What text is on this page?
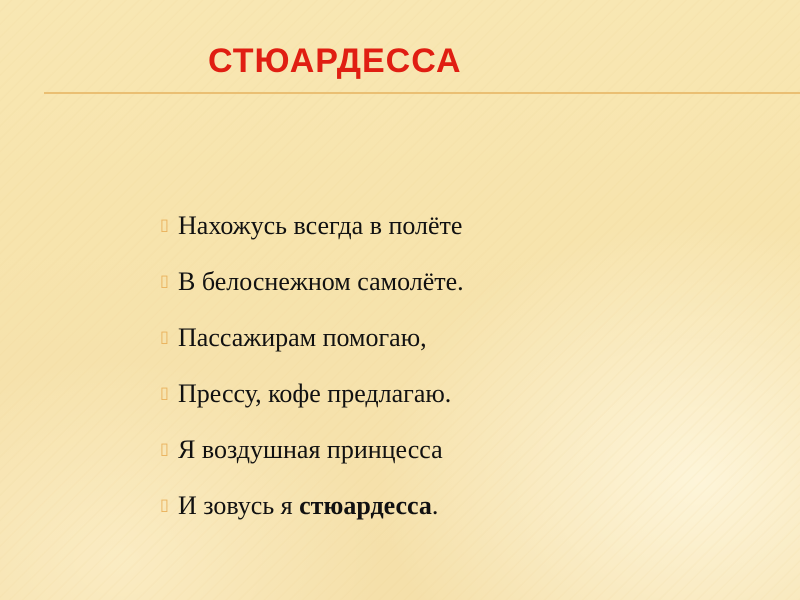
СТЮАРДЕССА
▯ Нахожусь всегда в полёте
▯ В белоснежном самолёте.
▯ Пассажирам помогаю,
▯ Прессу, кофе предлагаю.
▯ Я воздушная принцесса
▯ И зовусь я стюардесса.
